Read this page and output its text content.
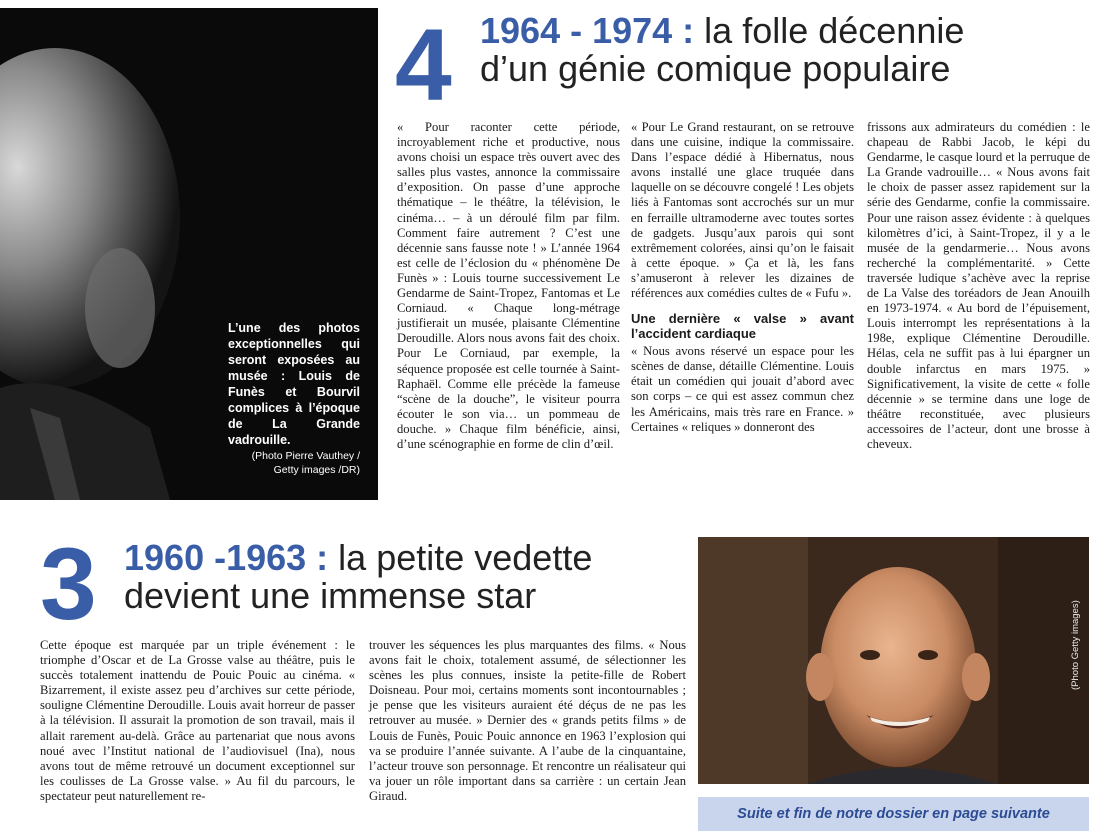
L’une des photos exceptionnelles qui seront exposées au musée : Louis de Funès et Bourvil complices à l’époque de La Grande vadrouille.
(Photo Pierre Vauthey / Getty images /DR)
4 1964 - 1974 : la folle décennie
d’un génie comique populaire

« Pour raconter cette période, incroyablement riche et productive, nous avons choisi un espace très ouvert avec des salles plus vastes, annonce la commissaire d’exposition. On passe d’une approche thématique – le théâtre, la télévision, le cinéma… – à un déroulé film par film. Comment faire autrement ? C’est une décennie sans fausse note ! » L’année 1964 est celle de l’éclosion du « phénomène De Funès » : Louis tourne successivement Le Gendarme de Saint-Tropez, Fantomas et Le Corniaud. « Chaque long-métrage justifierait un musée, plaisante Clémentine Deroudille. Alors nous avons fait des choix. Pour Le Corniaud, par exemple, la séquence proposée est celle tournée à Saint-Raphaël. Comme elle précède la fameuse “scène de la douche”, le visiteur pourra écouter le son via… un pommeau de douche. » Chaque film bénéficie, ainsi, d’une scénographie en forme de clin d’œil.

« Pour Le Grand restaurant, on se retrouve dans une cuisine, indique la commissaire. Dans l’espace dédié à Hibernatus, nous avons installé une glace truquée dans laquelle on se découvre congelé ! Les objets liés à Fantomas sont accrochés sur un mur en ferraille ultramoderne avec toutes sortes de gadgets. Jusqu’aux parois qui sont extrêmement colorées, ainsi qu’on le faisait à cette époque. » Ça et là, les fans s’amuseront à relever les dizaines de références aux comédies cultes de « Fufu ».

Une dernière « valse » avant l’accident cardiaque

« Nous avons réservé un espace pour les scènes de danse, détaille Clémentine. Louis était un comédien qui jouait d’abord avec son corps – ce qui est assez commun chez les Américains, mais très rare en France. » Certaines « reliques » donneront des

frissons aux admirateurs du comédien : le chapeau de Rabbi Jacob, le képi du Gendarme, le casque lourd et la perruque de La Grande vadrouille… « Nous avons fait le choix de passer assez rapidement sur la série des Gendarme, confie la commissaire. Pour une raison assez évidente : à quelques kilomètres d’ici, à Saint-Tropez, il y a le musée de la gendarmerie… Nous avons recherché la complémentarité. » Cette traversée ludique s’achève avec la reprise de La Valse des toréadors de Jean Anouilh en 1973-1974. « Au bord de l’épuisement, Louis interrompt les représentations à la 198e, explique Clémentine Deroudille. Hélas, cela ne suffit pas à lui épargner un double infarctus en mars 1975. » Significativement, la visite de cette « folle décennie » se termine dans une loge de théâtre reconstituée, avec plusieurs accessoires de l’acteur, dont une brosse à cheveux.

3 1960 -1963 : la petite vedette
devient une immense star

Cette époque est marquée par un triple événement : le triomphe d’Oscar et de La Grosse valse au théâtre, puis le succès totalement inattendu de Pouic Pouic au cinéma. « Bizarrement, il existe assez peu d’archives sur cette période, souligne Clémentine Deroudille. Louis avait horreur de passer à la télévision. Il assurait la promotion de son travail, mais il allait rarement au-delà. Grâce au partenariat que nous avons noué avec l’Institut national de l’audiovisuel (Ina), nous avons tout de même retrouvé un document exceptionnel sur les coulisses de La Grosse valse. » Au fil du parcours, le spectateur peut naturellement re-

trouver les séquences les plus marquantes des films. « Nous avons fait le choix, totalement assumé, de sélectionner les scènes les plus connues, insiste la petite-fille de Robert Doisneau. Pour moi, certains moments sont incontournables ; je pense que les visiteurs auraient été déçus de ne pas les retrouver au musée. » Dernier des « grands petits films » de Louis de Funès, Pouic Pouic annonce en 1963 l’explosion qui va se produire l’année suivante. A l’aube de la cinquantaine, l’acteur trouve son personnage. Et rencontre un réalisateur qui va jouer un rôle important dans sa carrière : un certain Jean Giraud.

(Photo Getty images)
Suite et fin de notre dossier en page suivante
